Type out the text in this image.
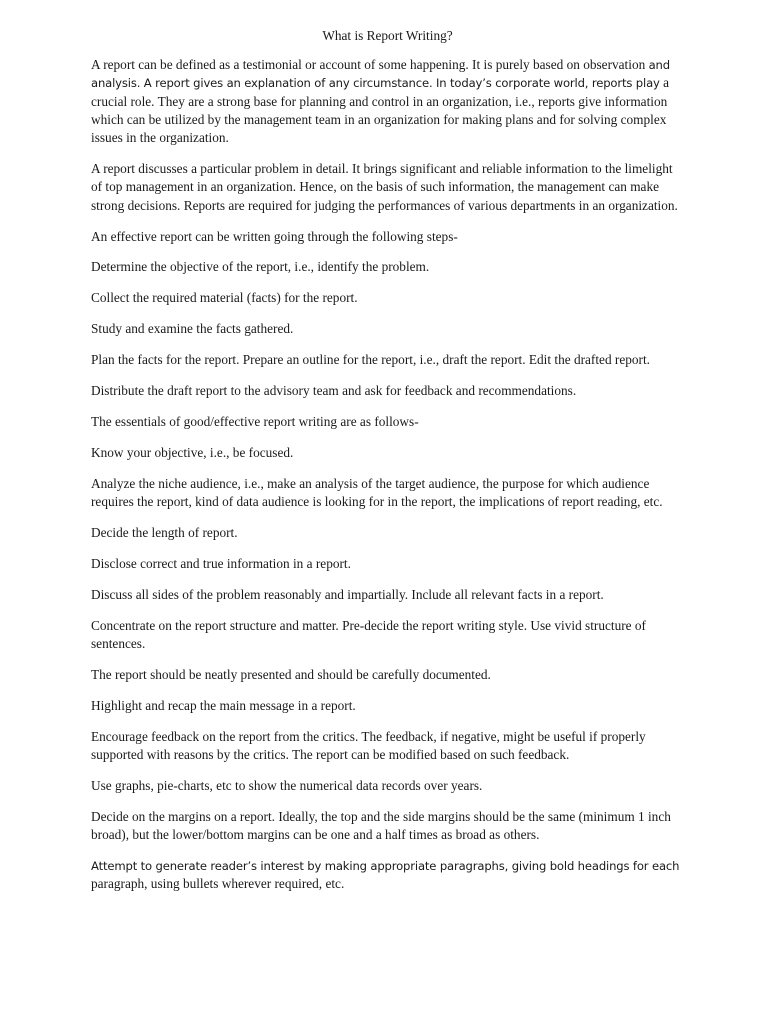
What is Report Writing?

A report can be defined as a testimonial or account of some happening. It is purely based on observation and analysis. A report gives an explanation of any circumstance. In today’s corporate world, reports play a crucial role. They are a strong base for planning and control in an organization, i.e., reports give information which can be utilized by the management team in an organization for making plans and for solving complex issues in the organization.

A report discusses a particular problem in detail. It brings significant and reliable information to the limelight of top management in an organization. Hence, on the basis of such information, the management can make strong decisions. Reports are required for judging the performances of various departments in an organization.

An effective report can be written going through the following steps-

Determine the objective of the report, i.e., identify the problem.

Collect the required material (facts) for the report.

Study and examine the facts gathered.

Plan the facts for the report. Prepare an outline for the report, i.e., draft the report. Edit the drafted report.

Distribute the draft report to the advisory team and ask for feedback and recommendations.

The essentials of good/effective report writing are as follows-

Know your objective, i.e., be focused.

Analyze the niche audience, i.e., make an analysis of the target audience, the purpose for which audience requires the report, kind of data audience is looking for in the report, the implications of report reading, etc.

Decide the length of report.

Disclose correct and true information in a report.

Discuss all sides of the problem reasonably and impartially. Include all relevant facts in a report.

Concentrate on the report structure and matter. Pre-decide the report writing style. Use vivid structure of sentences.

The report should be neatly presented and should be carefully documented.

Highlight and recap the main message in a report.

Encourage feedback on the report from the critics. The feedback, if negative, might be useful if properly supported with reasons by the critics. The report can be modified based on such feedback.

Use graphs, pie-charts, etc to show the numerical data records over years.

Decide on the margins on a report. Ideally, the top and the side margins should be the same (minimum 1 inch broad), but the lower/bottom margins can be one and a half times as broad as others.

Attempt to generate reader’s interest by making appropriate paragraphs, giving bold headings for each paragraph, using bullets wherever required, etc.
